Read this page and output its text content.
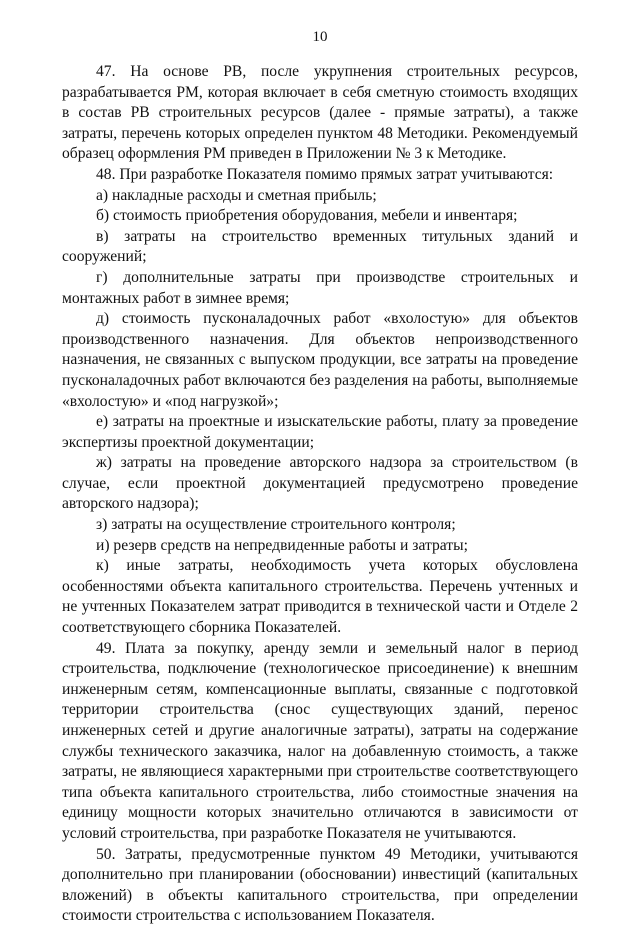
10

47. На основе РВ, после укрупнения строительных ресурсов, разрабатывается РМ, которая включает в себя сметную стоимость входящих в состав РВ строительных ресурсов (далее - прямые затраты), а также затраты, перечень которых определен пунктом 48 Методики. Рекомендуемый образец оформления РМ приведен в Приложении № 3 к Методике.

48. При разработке Показателя помимо прямых затрат учитываются:

а) накладные расходы и сметная прибыль;

б) стоимость приобретения оборудования, мебели и инвентаря;

в) затраты на строительство временных титульных зданий и сооружений;

г) дополнительные затраты при производстве строительных и монтажных работ в зимнее время;

д) стоимость пусконаладочных работ «вхолостую» для объектов производственного назначения. Для объектов непроизводственного назначения, не связанных с выпуском продукции, все затраты на проведение пусконаладочных работ включаются без разделения на работы, выполняемые «вхолостую» и «под нагрузкой»;

е) затраты на проектные и изыскательские работы, плату за проведение экспертизы проектной документации;

ж) затраты на проведение авторского надзора за строительством (в случае, если проектной документацией предусмотрено проведение авторского надзора);

з) затраты на осуществление строительного контроля;

и) резерв средств на непредвиденные работы и затраты;

к) иные затраты, необходимость учета которых обусловлена особенностями объекта капитального строительства. Перечень учтенных и не учтенных Показателем затрат приводится в технической части и Отделе 2 соответствующего сборника Показателей.

49. Плата за покупку, аренду земли и земельный налог в период строительства, подключение (технологическое присоединение) к внешним инженерным сетям, компенсационные выплаты, связанные с подготовкой территории строительства (снос существующих зданий, перенос инженерных сетей и другие аналогичные затраты), затраты на содержание службы технического заказчика, налог на добавленную стоимость, а также затраты, не являющиеся характерными при строительстве соответствующего типа объекта капитального строительства, либо стоимостные значения на единицу мощности которых значительно отличаются в зависимости от условий строительства, при разработке Показателя не учитываются.

50. Затраты, предусмотренные пунктом 49 Методики, учитываются дополнительно при планировании (обосновании) инвестиций (капитальных вложений) в объекты капитального строительства, при определении стоимости строительства с использованием Показателя.
